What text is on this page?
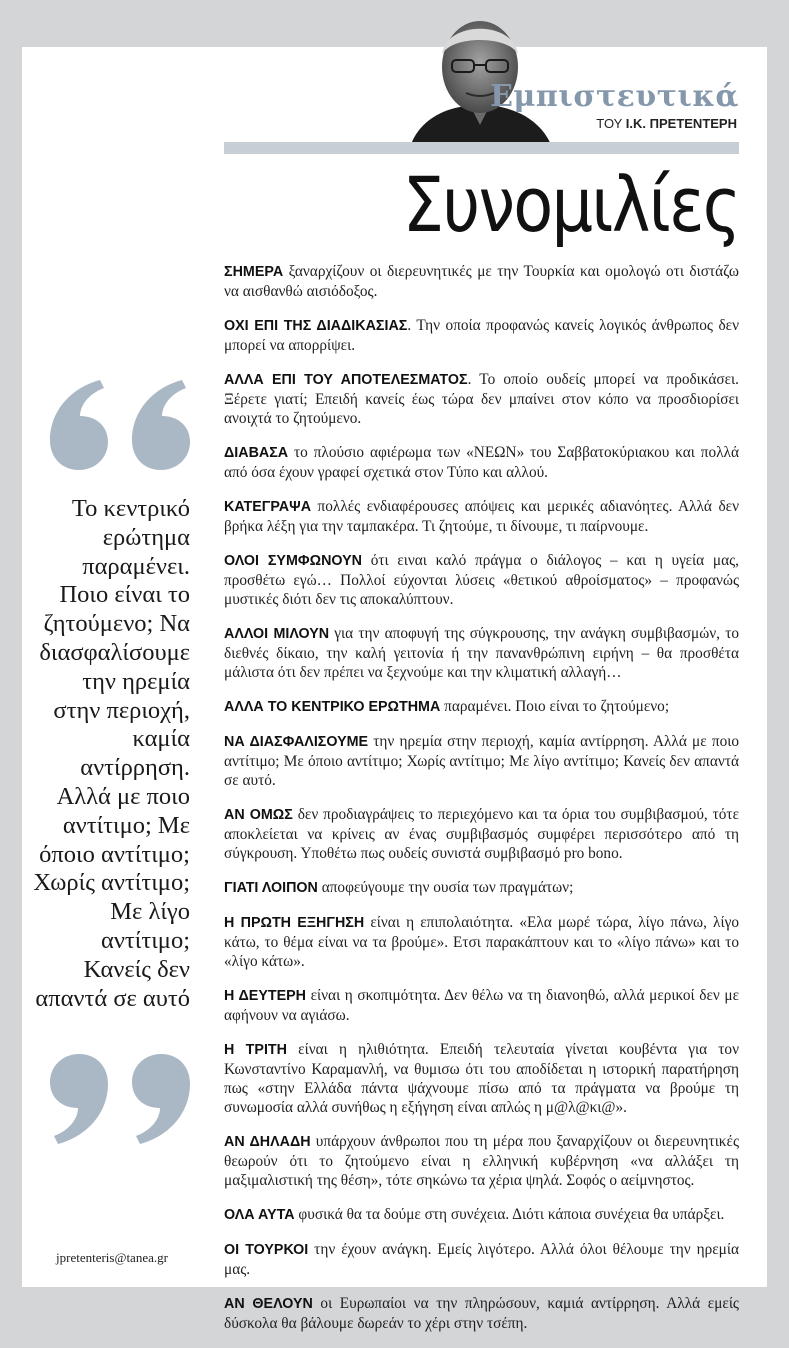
Εμπιστευτικά
ΤΟΥ Ι.Κ. ΠΡΕΤΕΝΤΕΡΗ
Συνομιλίες

ΣΗΜΕΡΑ ξαναρχίζουν οι διερευνητικές με την Τουρκία και ομολογώ οτι διστάζω να αισθανθώ αισιόδοξος.

ΟΧΙ ΕΠΙ ΤΗΣ ΔΙΑΔΙΚΑΣΙΑΣ. Την οποία προφανώς κανείς λογικός άνθρωπος δεν μπορεί να απορρίψει.

ΑΛΛΑ ΕΠΙ ΤΟΥ ΑΠΟΤΕΛΕΣΜΑΤΟΣ. Το οποίο ουδείς μπορεί να προδικάσει. Ξέρετε γιατί; Επειδή κανείς έως τώρα δεν μπαίνει στον κόπο να προσδιορίσει ανοιχτά το ζητούμενο.

ΔΙΑΒΑΣΑ το πλούσιο αφιέρωμα των «ΝΕΩΝ» του Σαββατοκύριακου και πολλά από όσα έχουν γραφεί σχετικά στον Τύπο και αλλού.

ΚΑΤΕΓΡΑΨΑ πολλές ενδιαφέρουσες απόψεις και μερικές αδιανόητες. Αλλά δεν βρήκα λέξη για την ταμπακέρα. Τι ζητούμε, τι δίνουμε, τι παίρνουμε.

ΟΛΟΙ ΣΥΜΦΩΝΟΥΝ ότι ειναι καλό πράγμα ο διάλογος – και η υγεία μας, προσθέτω εγώ… Πολλοί εύχονται λύσεις «θετικού αθροίσματος» – προφανώς μυστικές διότι δεν τις αποκαλύπτουν.

ΑΛΛΟΙ ΜΙΛΟΥΝ για την αποφυγή της σύγκρουσης, την ανάγκη συμβιβασμών, το διεθνές δίκαιο, την καλή γειτονία ή την πανανθρώπινη ειρήνη – θα προσθέτα μάλιστα ότι δεν πρέπει να ξεχνούμε και την κλιματική αλλαγή…

ΑΛΛΑ ΤΟ ΚΕΝΤΡΙΚΟ ΕΡΩΤΗΜΑ παραμένει. Ποιο είναι το ζητούμενο;

ΝΑ ΔΙΑΣΦΑΛΙΣΟΥΜΕ την ηρεμία στην περιοχή, καμία αντίρρηση. Αλλά με ποιο αντίτιμο; Με όποιο αντίτιμο; Χωρίς αντίτιμο; Με λίγο αντίτιμο; Κανείς δεν απαντά σε αυτό.

ΑΝ ΟΜΩΣ δεν προδιαγράψεις το περιεχόμενο και τα όρια του συμβιβασμού, τότε αποκλείεται να κρίνεις αν ένας συμβιβασμός συμφέρει περισσότερο από τη σύγκρουση. Υποθέτω πως ουδείς συνιστά συμβιβασμό pro bono.

ΓΙΑΤΙ ΛΟΙΠΟΝ αποφεύγουμε την ουσία των πραγμάτων;

Η ΠΡΩΤΗ ΕΞΗΓΗΣΗ είναι η επιπολαιότητα. «Ελα μωρέ τώρα, λίγο πάνω, λίγο κάτω, το θέμα είναι να τα βρούμε». Ετσι παρακάπτουν και το «λίγο πάνω» και το «λίγο κάτω».

Η ΔΕΥΤΕΡΗ είναι η σκοπιμότητα. Δεν θέλω να τη διανοηθώ, αλλά μερικοί δεν με αφήνουν να αγιάσω.

Η ΤΡΙΤΗ είναι η ηλιθιότητα. Επειδή τελευταία γίνεται κουβέντα για τον Κωνσταντίνο Καραμανλή, να θυμισω ότι του αποδίδεται η ιστορική παρατήρηση πως «στην Ελλάδα πάντα ψάχνουμε πίσω από τα πράγματα να βρούμε τη συνωμοσία αλλά συνήθως η εξήγηση είναι απλώς η μ@λ@κι@».

ΑΝ ΔΗΛΑΔΗ υπάρχουν άνθρωποι που τη μέρα που ξαναρχίζουν οι διερευνητικές θεωρούν ότι το ζητούμενο είναι η ελληνική κυβέρνηση «να αλλάξει τη μαξιμαλιστική της θέση», τότε σηκώνω τα χέρια ψηλά. Σοφός ο αείμνηστος.

ΟΛΑ ΑΥΤΑ φυσικά θα τα δούμε στη συνέχεια. Διότι κάποια συνέχεια θα υπάρξει.

ΟΙ ΤΟΥΡΚΟΙ την έχουν ανάγκη. Εμείς λιγότερο. Αλλά όλοι θέλουμε την ηρεμία μας.

ΑΝ ΘΕΛΟΥΝ οι Ευρωπαίοι να την πληρώσουν, καμιά αντίρρηση. Αλλά εμείς δύσκολα θα βάλουμε δωρεάν το χέρι στην τσέπη.

Το κεντρικό ερώτημα παραμένει. Ποιο είναι το ζητούμενο; Να διασφαλίσουμε την ηρεμία στην περιοχή, καμία αντίρρηση. Αλλά με ποιο αντίτιμο; Με όποιο αντίτιμο; Χωρίς αντίτιμο; Με λίγο αντίτιμο; Κανείς δεν απαντά σε αυτό
jpretenteris@tanea.gr
